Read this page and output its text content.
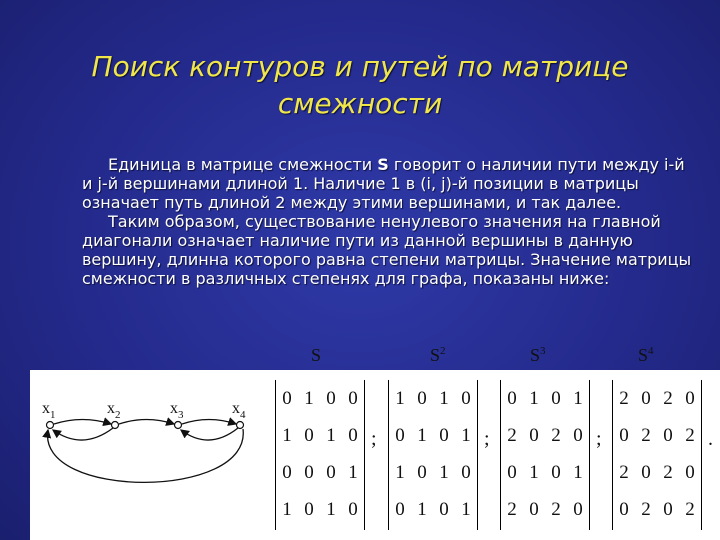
Поиск контуров и путей по матрице
смежности

Единица в матрице смежности S говорит о наличии пути между i-й и j-й вершинами длиной 1. Наличие 1 в (i, j)-й позиции в матрицы означает путь длиной 2 между этими вершинами, и так далее.

Таким образом, существование ненулевого значения на главной диагонали означает наличие пути из данной вершины в данную вершину, длинна которого равна степени матрицы. Значение матрицы смежности в различных степенях для графа, показаны ниже:

$x_1$	$x_2$	$x_3$	$x_4$
0 1 0 0
1 0 1 0
0 0 0 1
1 0 1 0
;
1 0 1 0
0 1 0 1
1 0 1 0
0 1 0 1
;
0 1 0 1
2 0 2 0
0 1 0 1
2 0 2 0
;
2 0 2 0
0 2 0 2
2 0 2 0
0 2 0 2
.
S	$S^2$	$S^3$	$S^4$
